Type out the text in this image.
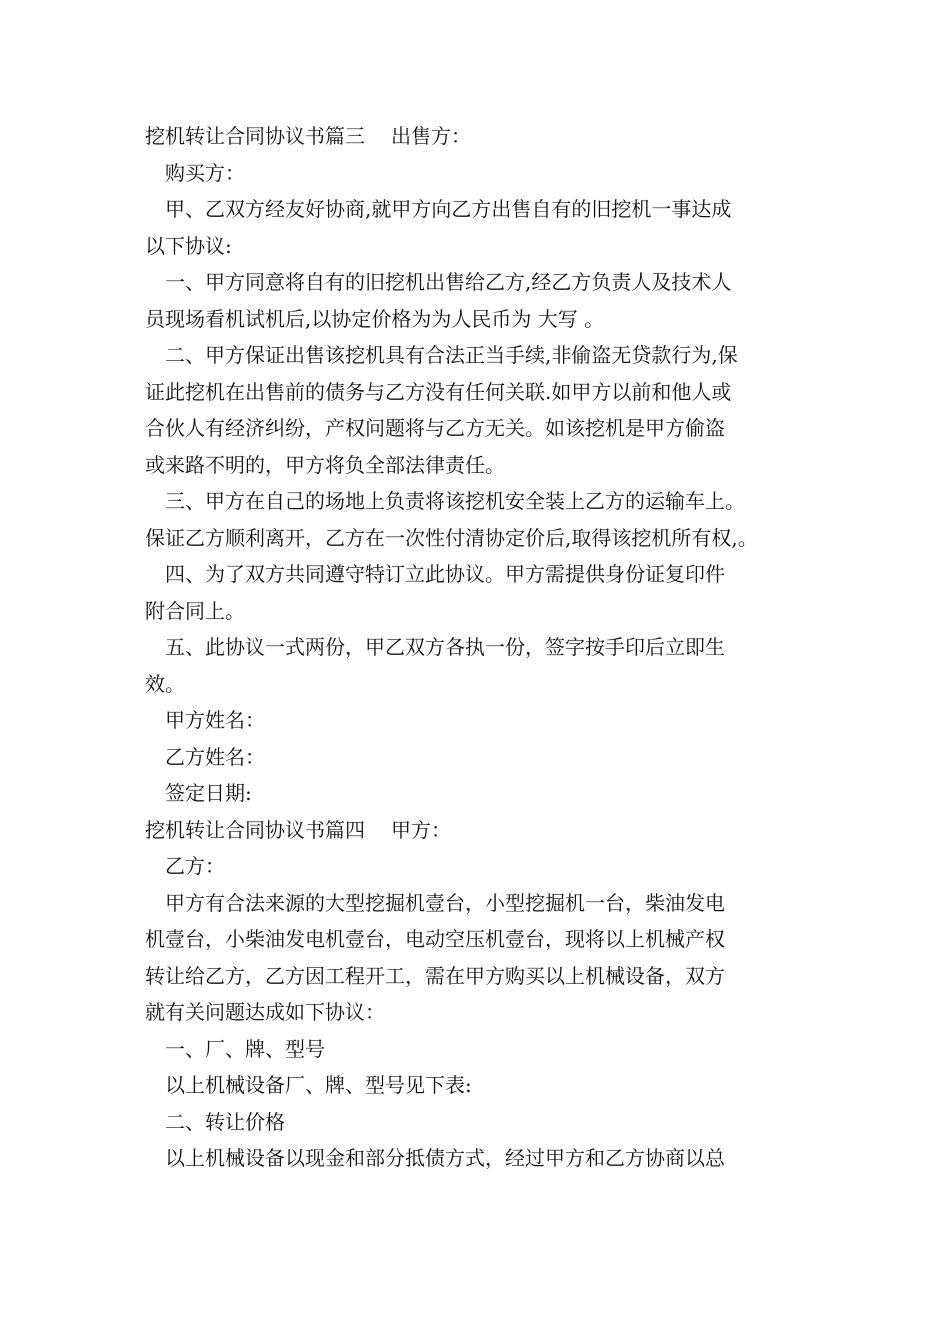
挖机转让合同协议书篇三 出售方：
购买方：
甲、乙双方经友好协商,就甲方向乙方出售自有的旧挖机一事达成
以下协议:
一、甲方同意将自有的旧挖机出售给乙方,经乙方负责人及技术人
员现场看机试机后,以协定价格为为人民币为 大写 。
二、甲方保证出售该挖机具有合法正当手续,非偷盗无贷款行为,保
证此挖机在出售前的债务与乙方没有任何关联.如甲方以前和他人或
合伙人有经济纠纷，产权问题将与乙方无关。如该挖机是甲方偷盗
或来路不明的，甲方将负全部法律责任。
三、甲方在自己的场地上负责将该挖机安全装上乙方的运输车上。
保证乙方顺利离开，乙方在一次性付清协定价后,取得该挖机所有权,。
四、为了双方共同遵守特订立此协议。甲方需提供身份证复印件
附合同上。
五、此协议一式两份，甲乙双方各执一份，签字按手印后立即生
效。
甲方姓名：
乙方姓名：
签定日期:
挖机转让合同协议书篇四 甲方：
乙方：
甲方有合法来源的大型挖掘机壹台，小型挖掘机一台，柴油发电
机壹台，小柴油发电机壹台，电动空压机壹台，现将以上机械产权
转让给乙方，乙方因工程开工，需在甲方购买以上机械设备，双方
就有关问题达成如下协议：
一、厂、牌、型号
以上机械设备厂、牌、型号见下表:
二、转让价格
以上机械设备以现金和部分抵债方式，经过甲方和乙方协商以总
